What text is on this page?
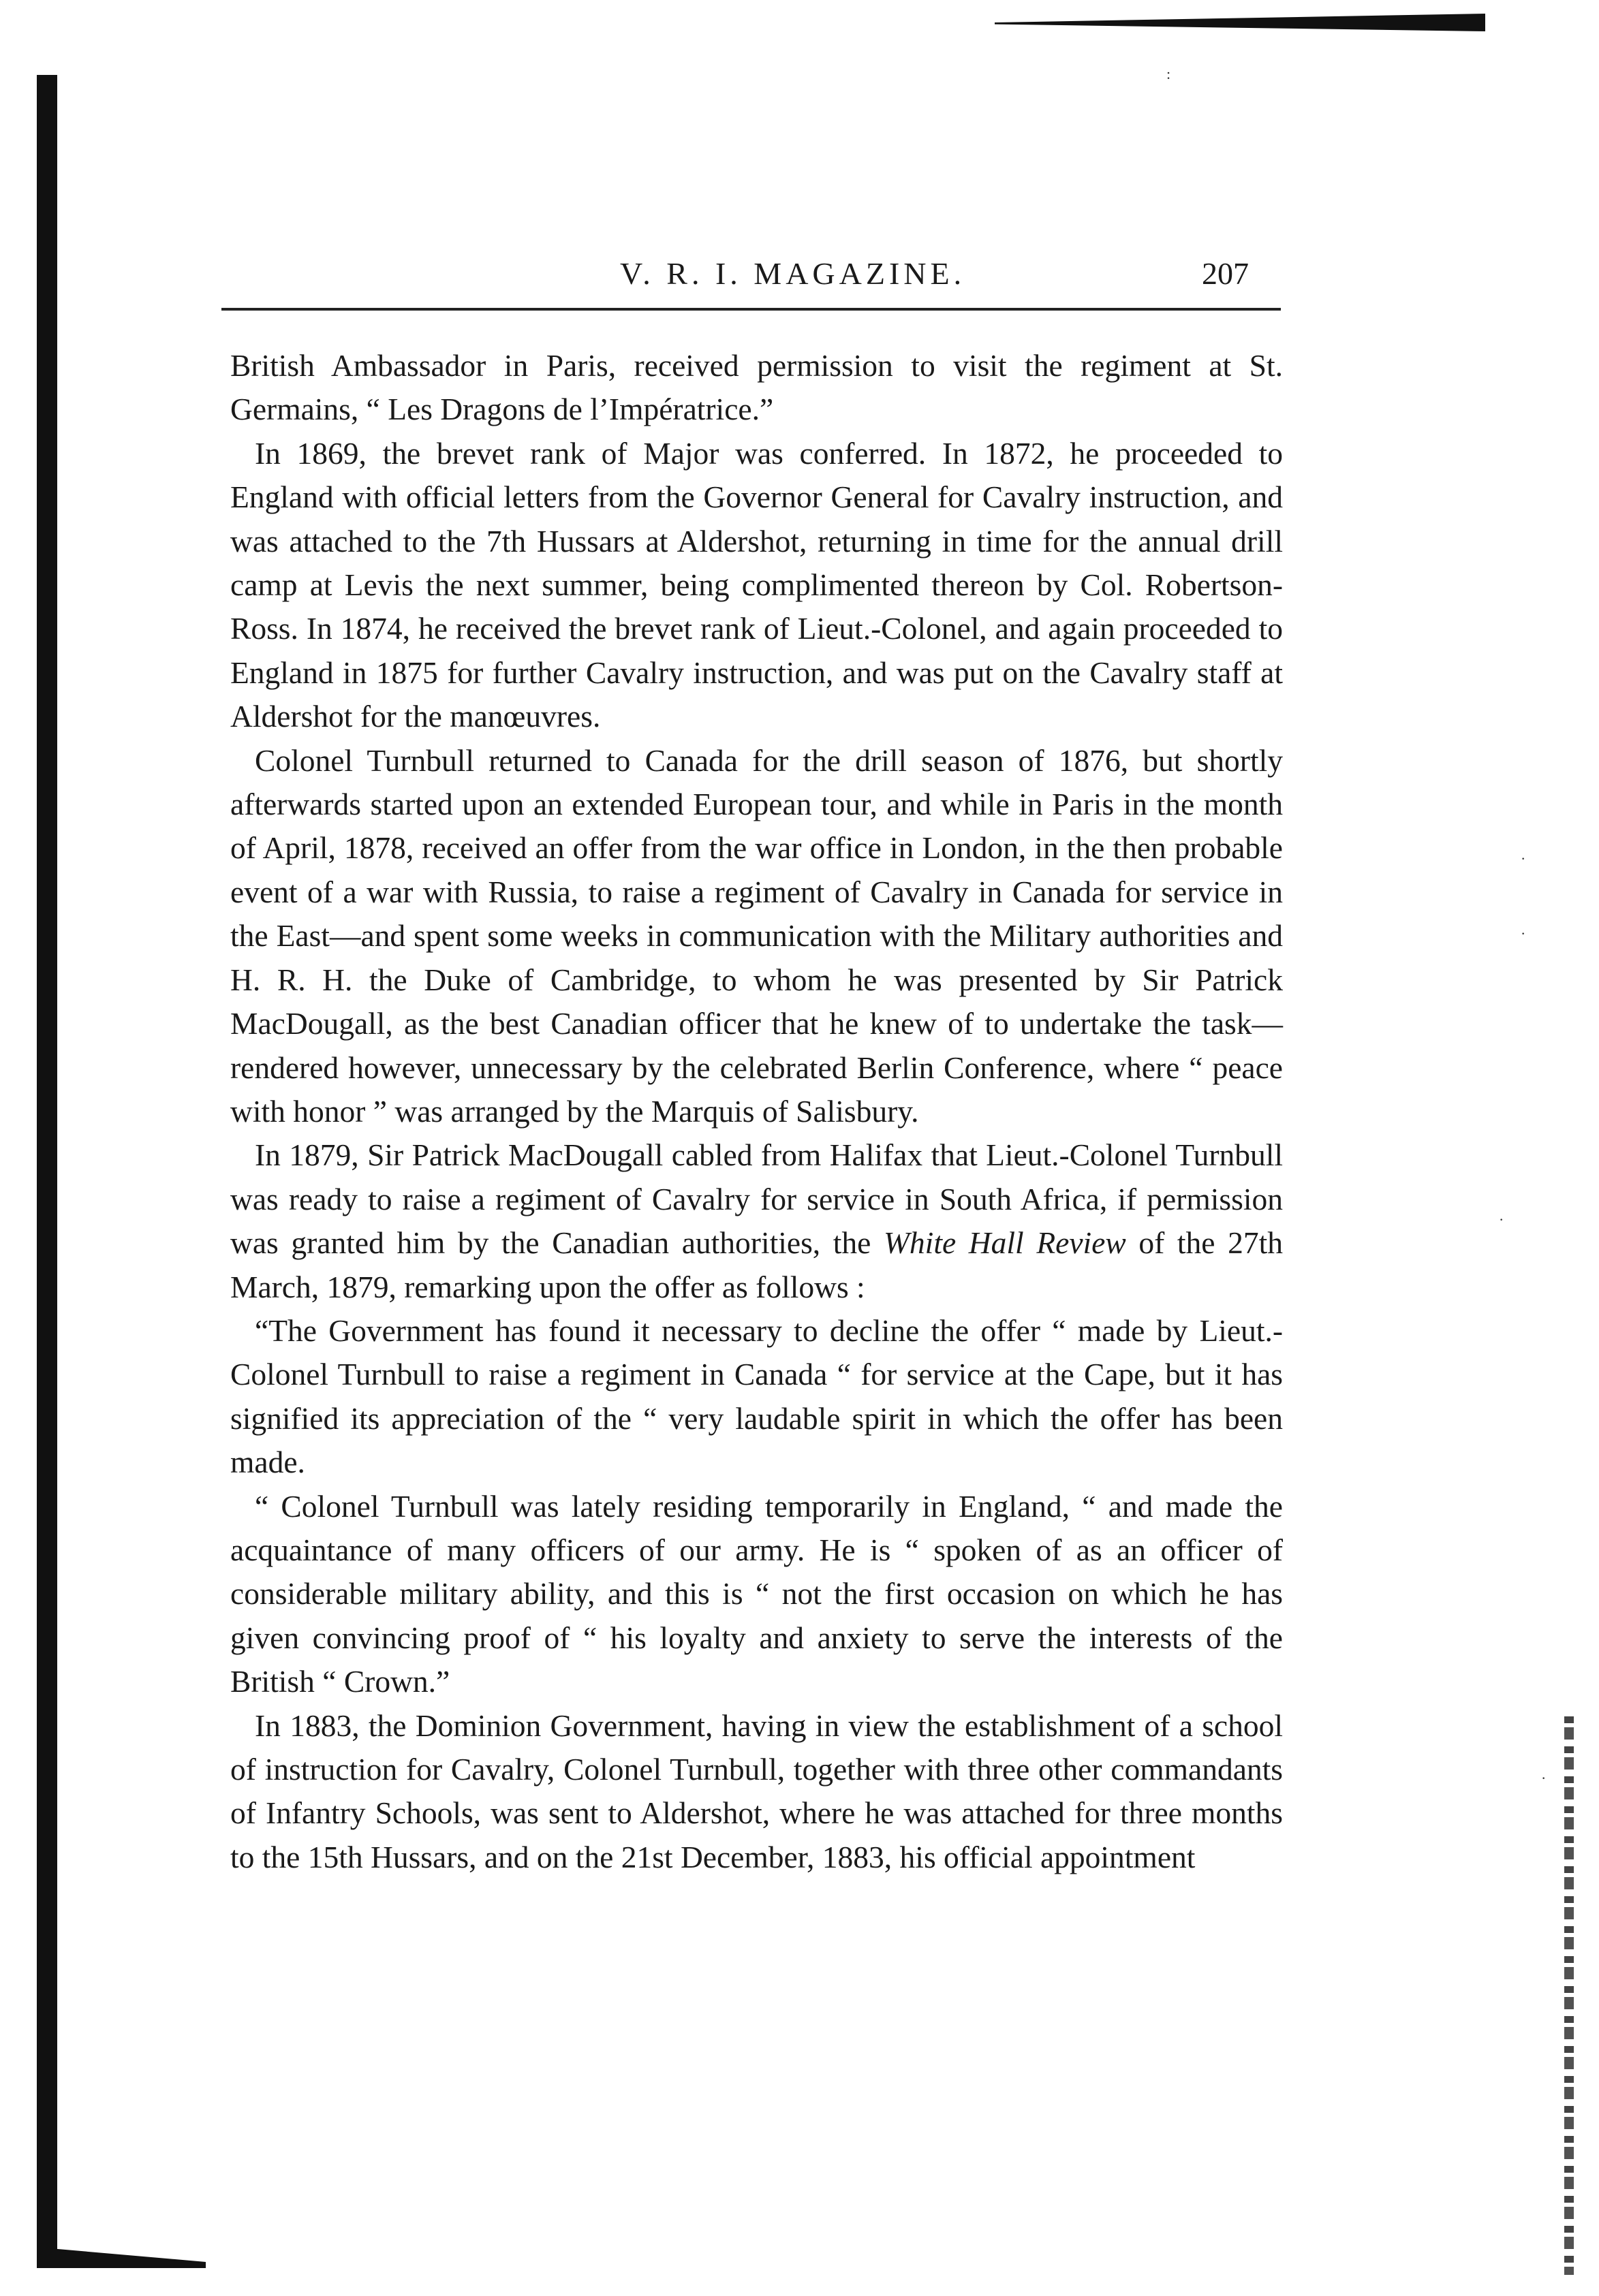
:
·
·
·
·
V. R. I. MAGAZINE.	207

British Ambassador in Paris, received permission to visit the regiment at St. Germains, “ Les Dragons de l’Impératrice.”

In 1869, the brevet rank of Major was conferred. In 1872, he proceeded to England with official letters from the Governor General for Cavalry instruction, and was attached to the 7th Hussars at Aldershot, returning in time for the annual drill camp at Levis the next summer, being complimented thereon by Col. Robertson-Ross. In 1874, he received the brevet rank of Lieut.-Colonel, and again proceeded to England in 1875 for further Cavalry instruction, and was put on the Cavalry staff at Aldershot for the manœuvres.

Colonel Turnbull returned to Canada for the drill season of 1876, but shortly afterwards started upon an extended European tour, and while in Paris in the month of April, 1878, received an offer from the war office in London, in the then probable event of a war with Russia, to raise a regiment of Cavalry in Canada for service in the East—and spent some weeks in communication with the Military authorities and H. R. H. the Duke of Cambridge, to whom he was presented by Sir Patrick MacDougall, as the best Canadian officer that he knew of to undertake the task—rendered however, unnecessary by the celebrated Berlin Conference, where “ peace with honor ” was arranged by the Marquis of Salisbury.

In 1879, Sir Patrick MacDougall cabled from Halifax that Lieut.-Colonel Turnbull was ready to raise a regiment of Cavalry for service in South Africa, if permission was granted him by the Canadian authorities, the White Hall Review of the 27th March, 1879, remarking upon the offer as follows :

“The Government has found it necessary to decline the offer “ made by Lieut.-Colonel Turnbull to raise a regiment in Canada “ for service at the Cape, but it has signified its appreciation of the “ very laudable spirit in which the offer has been made.

“ Colonel Turnbull was lately residing temporarily in England, “ and made the acquaintance of many officers of our army. He is “ spoken of as an officer of considerable military ability, and this is “ not the first occasion on which he has given convincing proof of “ his loyalty and anxiety to serve the interests of the British “ Crown.”

In 1883, the Dominion Government, having in view the establishment of a school of instruction for Cavalry, Colonel Turnbull, together with three other commandants of Infantry Schools, was sent to Aldershot, where he was attached for three months to the 15th Hussars, and on the 21st December, 1883, his official appointment
